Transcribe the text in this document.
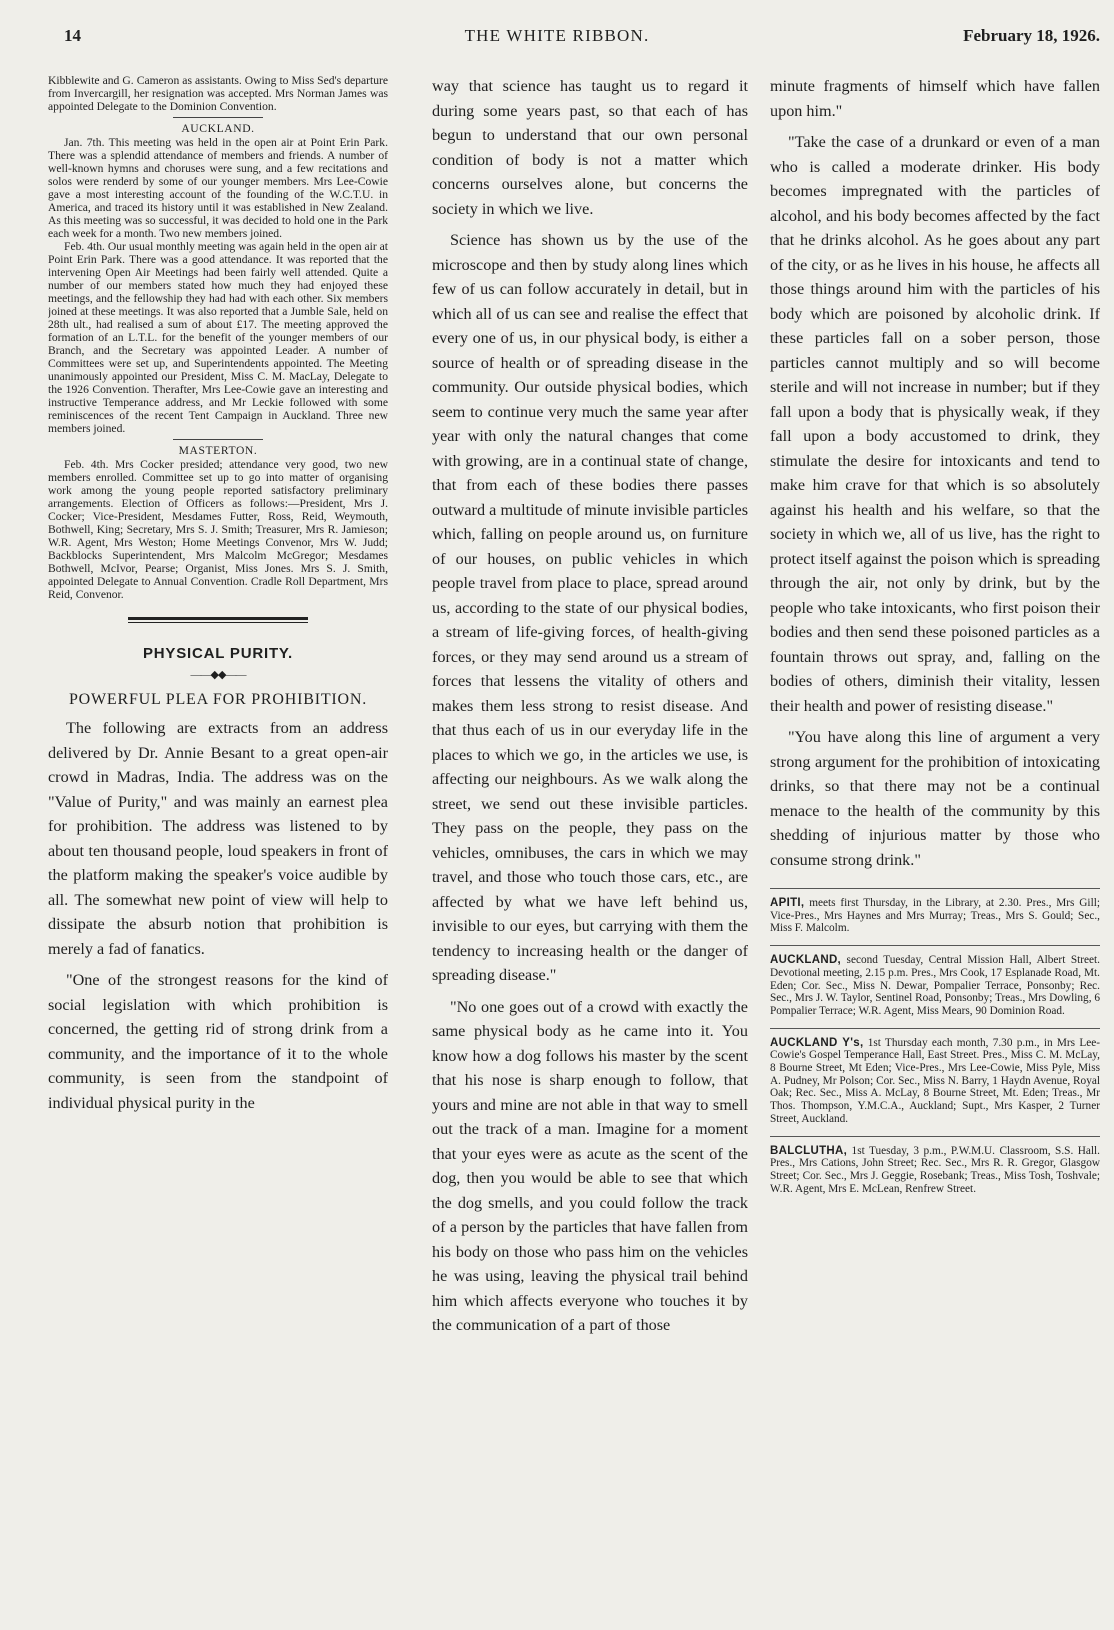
THE WHITE RIBBON.
14	February 18, 1926.

Kibblewite and G. Cameron as assistants. Owing to Miss Sed's departure from Invercargill, her resignation was accepted. Mrs Norman James was appointed Delegate to the Dominion Convention.

AUCKLAND.

Jan. 7th. This meeting was held in the open air at Point Erin Park. There was a splendid attendance of members and friends. A number of well-known hymns and choruses were sung, and a few recitations and solos were renderd by some of our younger members. Mrs Lee-Cowie gave a most interesting account of the founding of the W.C.T.U. in America, and traced its history until it was established in New Zealand. As this meeting was so successful, it was decided to hold one in the Park each week for a month. Two new members joined.

Feb. 4th. Our usual monthly meeting was again held in the open air at Point Erin Park. There was a good attendance. It was reported that the intervening Open Air Meetings had been fairly well attended. Quite a number of our members stated how much they had enjoyed these meetings, and the fellowship they had had with each other. Six members joined at these meetings. It was also reported that a Jumble Sale, held on 28th ult., had realised a sum of about £17. The meeting approved the formation of an L.T.L. for the benefit of the younger members of our Branch, and the Secretary was appointed Leader. A number of Committees were set up, and Superintendents appointed. The Meeting unanimously appointed our President, Miss C. M. MacLay, Delegate to the 1926 Convention. Therafter, Mrs Lee-Cowie gave an interesting and instructive Temperance address, and Mr Leckie followed with some reminiscences of the recent Tent Campaign in Auckland. Three new members joined.

MASTERTON.

Feb. 4th. Mrs Cocker presided; attendance very good, two new members enrolled. Committee set up to go into matter of organising work among the young people reported satisfactory preliminary arrangements. Election of Officers as follows:—President, Mrs J. Cocker; Vice-President, Mesdames Futter, Ross, Reid, Weymouth, Bothwell, King; Secretary, Mrs S. J. Smith; Treasurer, Mrs R. Jamieson; W.R. Agent, Mrs Weston; Home Meetings Convenor, Mrs W. Judd; Backblocks Superintendent, Mrs Malcolm McGregor; Mesdames Bothwell, McIvor, Pearse; Organist, Miss Jones. Mrs S. J. Smith, appointed Delegate to Annual Convention. Cradle Roll Department, Mrs Reid, Convenor.

PHYSICAL PURITY.
——◆◆——
POWERFUL PLEA FOR PROHIBITION.

The following are extracts from an address delivered by Dr. Annie Besant to a great open-air crowd in Madras, India. The address was on the "Value of Purity," and was mainly an earnest plea for prohibition. The address was listened to by about ten thousand people, loud speakers in front of the platform making the speaker's voice audible by all. The somewhat new point of view will help to dissipate the absurb notion that prohibition is merely a fad of fanatics.

"One of the strongest reasons for the kind of social legislation with which prohibition is concerned, the getting rid of strong drink from a community, and the importance of it to the whole community, is seen from the standpoint of individual physical purity in the

way that science has taught us to regard it during some years past, so that each of has begun to understand that our own personal condition of body is not a matter which concerns ourselves alone, but concerns the society in which we live.

Science has shown us by the use of the microscope and then by study along lines which few of us can follow accurately in detail, but in which all of us can see and realise the effect that every one of us, in our physical body, is either a source of health or of spreading disease in the community. Our outside physical bodies, which seem to continue very much the same year after year with only the natural changes that come with growing, are in a continual state of change, that from each of these bodies there passes outward a multitude of minute invisible particles which, falling on people around us, on furniture of our houses, on public vehicles in which people travel from place to place, spread around us, according to the state of our physical bodies, a stream of life-giving forces, of health-giving forces, or they may send around us a stream of forces that lessens the vitality of others and makes them less strong to resist disease. And that thus each of us in our everyday life in the places to which we go, in the articles we use, is affecting our neighbours. As we walk along the street, we send out these invisible particles. They pass on the people, they pass on the vehicles, omnibuses, the cars in which we may travel, and those who touch those cars, etc., are affected by what we have left behind us, invisible to our eyes, but carrying with them the tendency to increasing health or the danger of spreading disease."

"No one goes out of a crowd with exactly the same physical body as he came into it. You know how a dog follows his master by the scent that his nose is sharp enough to follow, that yours and mine are not able in that way to smell out the track of a man. Imagine for a moment that your eyes were as acute as the scent of the dog, then you would be able to see that which the dog smells, and you could follow the track of a person by the particles that have fallen from his body on those who pass him on the vehicles he was using, leaving the physical trail behind him which affects everyone who touches it by the communication of a part of those

minute fragments of himself which have fallen upon him."

"Take the case of a drunkard or even of a man who is called a moderate drinker. His body becomes impregnated with the particles of alcohol, and his body becomes affected by the fact that he drinks alcohol. As he goes about any part of the city, or as he lives in his house, he affects all those things around him with the particles of his body which are poisoned by alcoholic drink. If these particles fall on a sober person, those particles cannot multiply and so will become sterile and will not increase in number; but if they fall upon a body that is physically weak, if they fall upon a body accustomed to drink, they stimulate the desire for intoxicants and tend to make him crave for that which is so absolutely against his health and his welfare, so that the society in which we, all of us live, has the right to protect itself against the poison which is spreading through the air, not only by drink, but by the people who take intoxicants, who first poison their bodies and then send these poisoned particles as a fountain throws out spray, and, falling on the bodies of others, diminish their vitality, lessen their health and power of resisting disease."

"You have along this line of argument a very strong argument for the prohibition of intoxicating drinks, so that there may not be a continual menace to the health of the community by this shedding of injurious matter by those who consume strong drink."

APITI, meets first Thursday, in the Library, at 2.30. Pres., Mrs Gill; Vice-Pres., Mrs Haynes and Mrs Murray; Treas., Mrs S. Gould; Sec., Miss F. Malcolm.

AUCKLAND, second Tuesday, Central Mission Hall, Albert Street. Devotional meeting, 2.15 p.m. Pres., Mrs Cook, 17 Esplanade Road, Mt. Eden; Cor. Sec., Miss N. Dewar, Pompalier Terrace, Ponsonby; Rec. Sec., Mrs J. W. Taylor, Sentinel Road, Ponsonby; Treas., Mrs Dowling, 6 Pompalier Terrace; W.R. Agent, Miss Mears, 90 Dominion Road.

AUCKLAND Y's, 1st Thursday each month, 7.30 p.m., in Mrs Lee-Cowie's Gospel Temperance Hall, East Street. Pres., Miss C. M. McLay, 8 Bourne Street, Mt Eden; Vice-Pres., Mrs Lee-Cowie, Miss Pyle, Miss A. Pudney, Mr Polson; Cor. Sec., Miss N. Barry, 1 Haydn Avenue, Royal Oak; Rec. Sec., Miss A. McLay, 8 Bourne Street, Mt. Eden; Treas., Mr Thos. Thompson, Y.M.C.A., Auckland; Supt., Mrs Kasper, 2 Turner Street, Auckland.

BALCLUTHA, 1st Tuesday, 3 p.m., P.W.M.U. Classroom, S.S. Hall. Pres., Mrs Cations, John Street; Rec. Sec., Mrs R. R. Gregor, Glasgow Street; Cor. Sec., Mrs J. Geggie, Rosebank; Treas., Miss Tosh, Toshvale; W.R. Agent, Mrs E. McLean, Renfrew Street.
